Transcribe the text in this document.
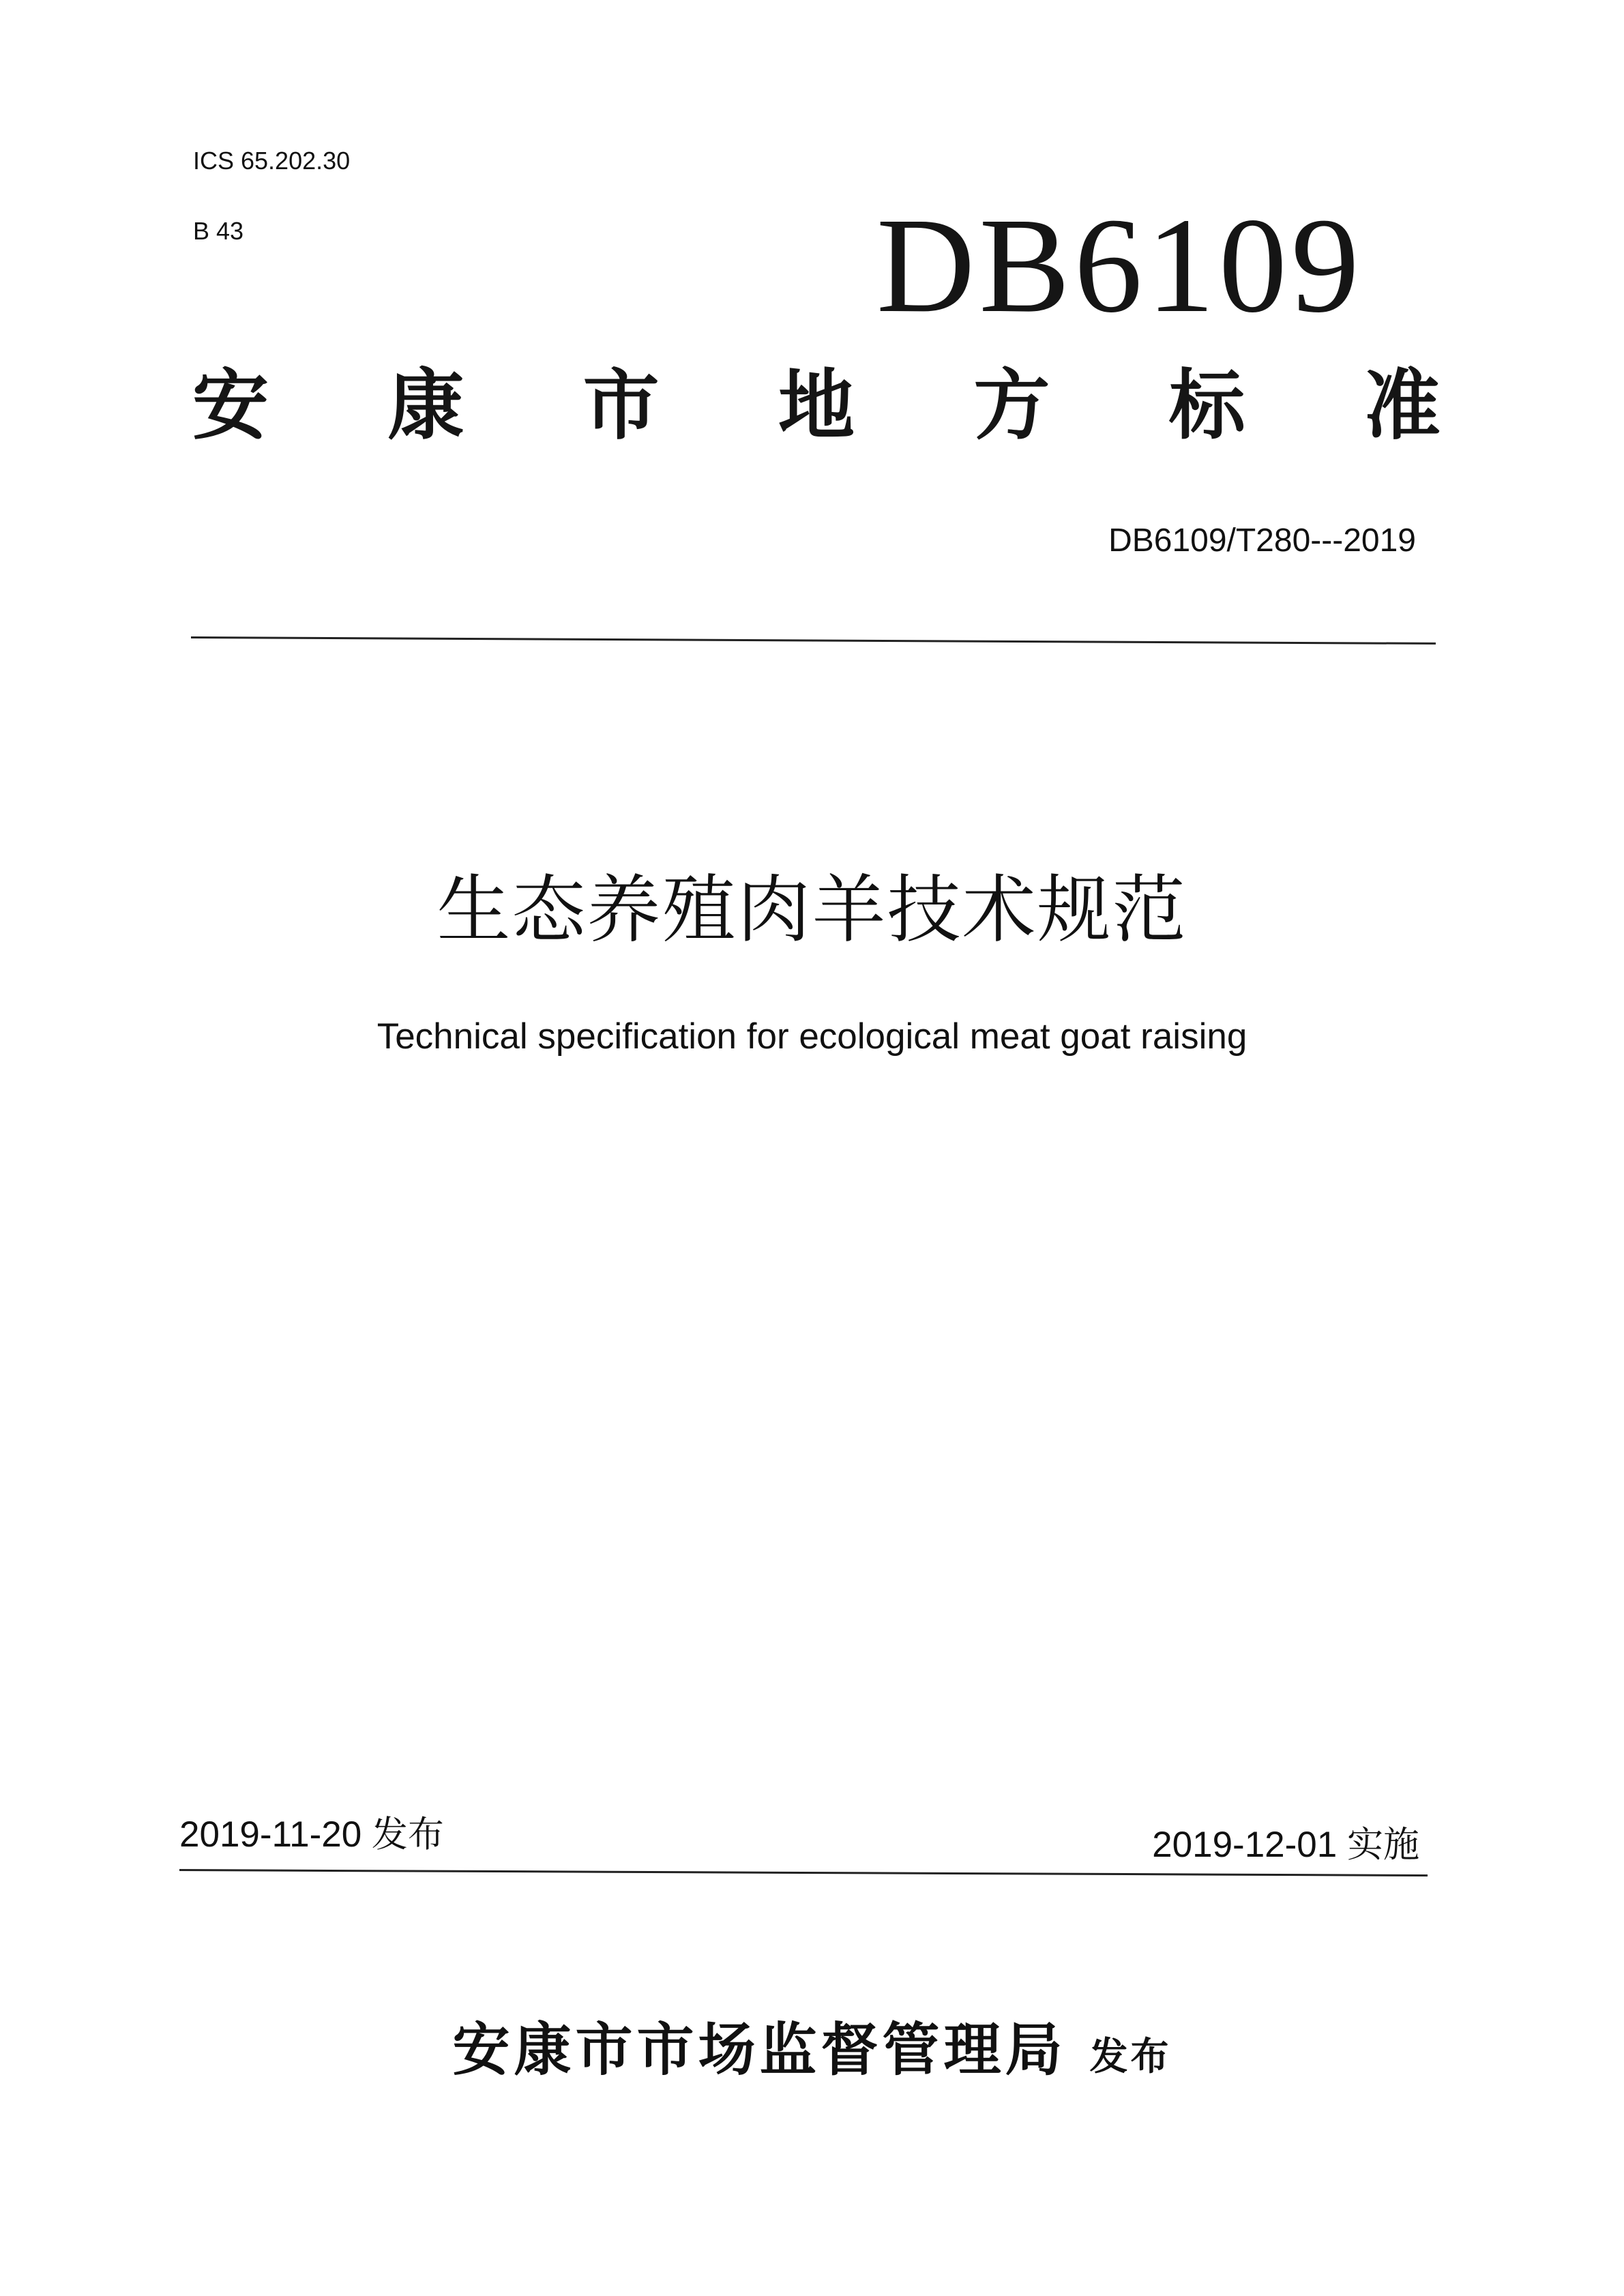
ICS 65.202.30
B 43	DB6109
安 康 市 地 方 标 准
DB6109/T280---2019
生态养殖肉羊技术规范
Technical specification for ecological meat goat raising
2019-11-20 发布	2019-12-01 实施
安康市市场监督管理局 发布
